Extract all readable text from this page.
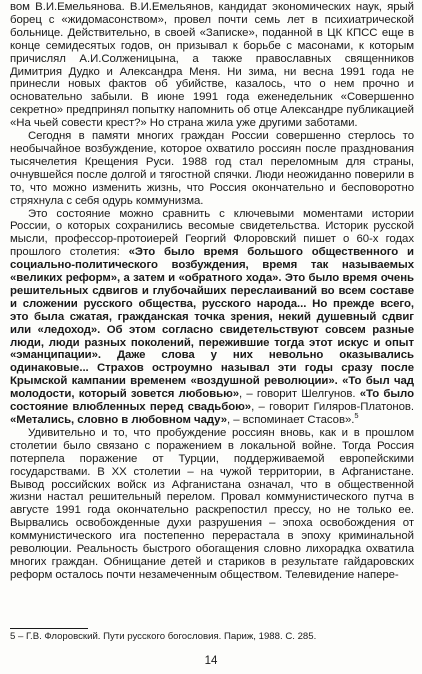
вом В.И.Емельянова. В.И.Емельянов, кандидат экономических наук, ярый борец с «жидомасонством», провел почти семь лет в психиатрической больнице. Действительно, в своей «Записке», поданной в ЦК КПСС еще в конце семидесятых годов, он призывал к борьбе с масонами, к которым причислял А.И.Солженицына, а также православных священников Димитрия Дудко и Александра Меня. Ни зима, ни весна 1991 года не принесли новых фактов об убийстве, казалось, что о нем прочно и основательно забыли. В июне 1991 года еженедельник «Совершенно секретно» предпринял попытку напомнить об отце Александре публикацией «На чьей совести крест?» Но страна жила уже другими заботами.

Сегодня в памяти многих граждан России совершенно стерлось то необычайное возбуждение, которое охватило россиян после празднования тысячелетия Крещения Руси. 1988 год стал переломным для страны, очнувшейся после долгой и тягостной спячки. Люди неожиданно поверили в то, что можно изменить жизнь, что Россия окончательно и бесповоротно стряхнула с себя одурь коммунизма.

Это состояние можно сравнить с ключевыми моментами истории России, о которых сохранились весомые свидетельства. Историк русской мысли, профессор-протоиерей Георгий Флоровский пишет о 60-х годах прошлого столетия: «Это было время большого общественного и социально-политического возбуждения, время так называемых «великих реформ», а затем и «обратного хода». Это было время очень решительных сдвигов и глубочайших переслаиваний во всем составе и сложении русского общества, русского народа... Но прежде всего, это была сжатая, гражданская точка зрения, некий душевный сдвиг или «ледоход». Об этом согласно свидетельствуют совсем разные люди, люди разных поколений, пережившие тогда этот искус и опыт «эманципации». Даже слова у них невольно оказывались одинаковые... Страхов остроумно называл эти годы сразу после Крымской кампании временем «воздушной революции». «То был чад молодости, который зовется любовью», – говорит Шелгунов. «То было состояние влюбленных перед свадьбою», – говорит Гиляров-Платонов. «Метались, словно в любовном чаду», – вспоминает Стасов».$^5$

Удивительно и то, что пробуждение россиян вновь, как и в прошлом столетии было связано с поражением в локальной войне. Тогда Россия потерпела поражение от Турции, поддерживаемой европейскими государствами. В XX столетии – на чужой территории, в Афганистане. Вывод российских войск из Афганистана означал, что в общественной жизни настал решительный перелом. Провал коммунистического путча в августе 1991 года окончательно раскрепостил прессу, но не только ее. Вырвались освобожденные духи разрушения – эпоха освобождения от коммунистического ига постепенно перерасталa в эпоху криминальной революции. Реальность быстрого обогащения словно лихорадка охватила многих граждан. Обнищание детей и стариков в результате гайдаровских реформ осталось почти незамеченным обществом. Телевидение напере-

5 – Г.В. Флоровский. Пути русского богословия. Париж, 1988. С. 285.
14
